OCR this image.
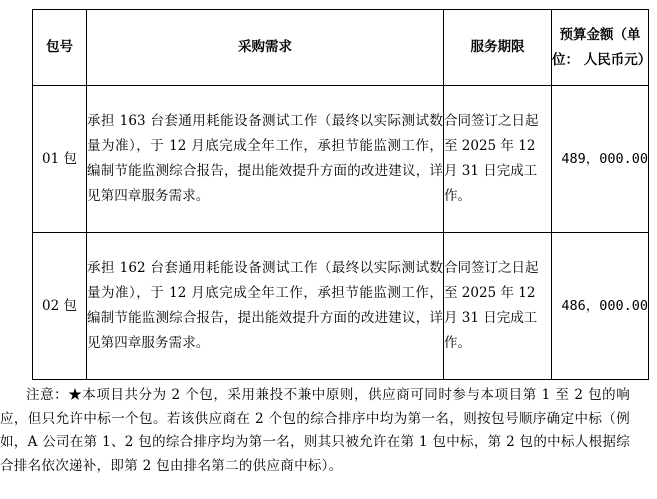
包号	采购需求	服务期限	预算金额（单位： 人民币元）
01 包	承担 163 台套通用耗能设备测试工作（最终以实际测试数量为准），于 12 月底完成全年工作，承担节能监测工作，编制节能监测综合报告，提出能效提升方面的改进建议，详见第四章服务需求。	合同签订之日起至 2025 年 12 月 31 日完成工作。	489，000.00
02 包	承担 162 台套通用耗能设备测试工作（最终以实际测试数量为准），于 12 月底完成全年工作，承担节能监测工作，编制节能监测综合报告，提出能效提升方面的改进建议，详见第四章服务需求。	合同签订之日起至 2025 年 12 月 31 日完成工作。	486，000.00

注意：★本项目共分为 2 个包，采用兼投不兼中原则，供应商可同时参与本项目第 1 至 2 包的响应，但只允许中标一个包。若该供应商在 2 个包的综合排序中均为第一名，则按包号顺序确定中标（例如，A 公司在第 1、2 包的综合排序均为第一名，则其只被允许在第 1 包中标，第 2 包的中标人根据综合排名依次递补，即第 2 包由排名第二的供应商中标）。
